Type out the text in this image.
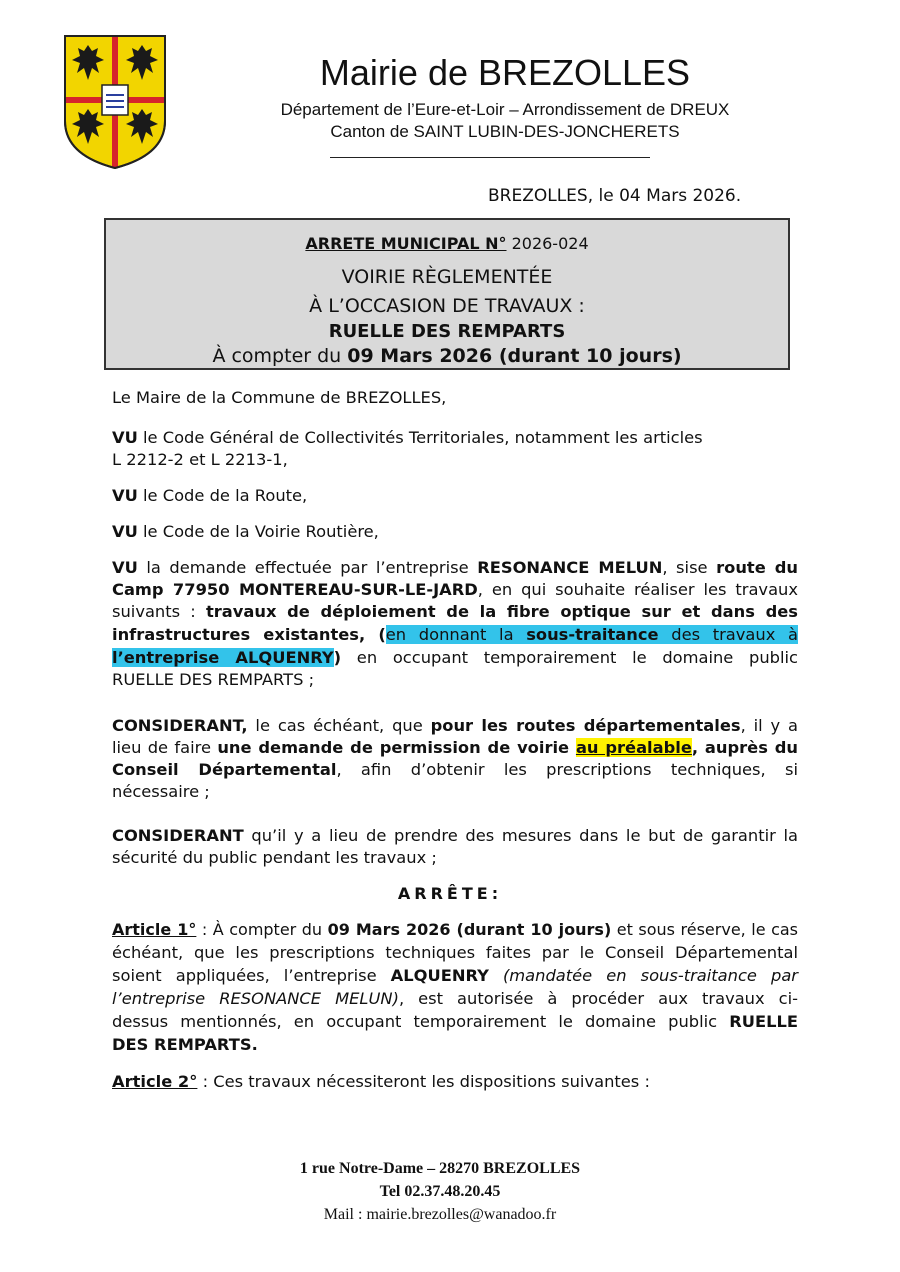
Mairie de BREZOLLES
Département de l’Eure-et-Loir – Arrondissement de DREUX
Canton de SAINT LUBIN-DES-JONCHERETS
BREZOLLES, le 04 Mars 2026.
ARRETE MUNICIPAL N° 2026-024
VOIRIE RÈGLEMENTÉE
À L’OCCASION DE TRAVAUX :
RUELLE DES REMPARTS
À compter du 09 Mars 2026 (durant 10 jours)
Le Maire de la Commune de BREZOLLES,
VU le Code Général de Collectivités Territoriales, notamment les articles
L 2212-2 et L 2213-1,
VU le Code de la Route,
VU le Code de la Voirie Routière,
VU la demande effectuée par l’entreprise RESONANCE MELUN, sise route du
Camp 77950 MONTEREAU-SUR-LE-JARD, en qui souhaite réaliser les travaux
suivants : travaux de déploiement de la fibre optique sur et dans des
infrastructures existantes, (en donnant la sous-traitance des travaux à
l’entreprise ALQUENRY) en occupant temporairement le domaine public
RUELLE DES REMPARTS ;
CONSIDERANT, le cas échéant, que pour les routes départementales, il y a
lieu de faire une demande de permission de voirie au préalable, auprès du
Conseil Départemental, afin d’obtenir les prescriptions techniques, si
nécessaire ;
CONSIDERANT qu’il y a lieu de prendre des mesures dans le but de garantir la
sécurité du public pendant les travaux ;
ARRÊTE:
Article 1° : À compter du 09 Mars 2026 (durant 10 jours) et sous réserve, le cas
échéant, que les prescriptions techniques faites par le Conseil Départemental
soient appliquées, l’entreprise ALQUENRY (mandatée en sous-traitance par
l’entreprise RESONANCE MELUN), est autorisée à procéder aux travaux ci-
dessus mentionnés, en occupant temporairement le domaine public RUELLE
DES REMPARTS.
Article 2° : Ces travaux nécessiteront les dispositions suivantes :
1 rue Notre-Dame – 28270 BREZOLLES
Tel 02.37.48.20.45
Mail : mairie.brezolles@wanadoo.fr
